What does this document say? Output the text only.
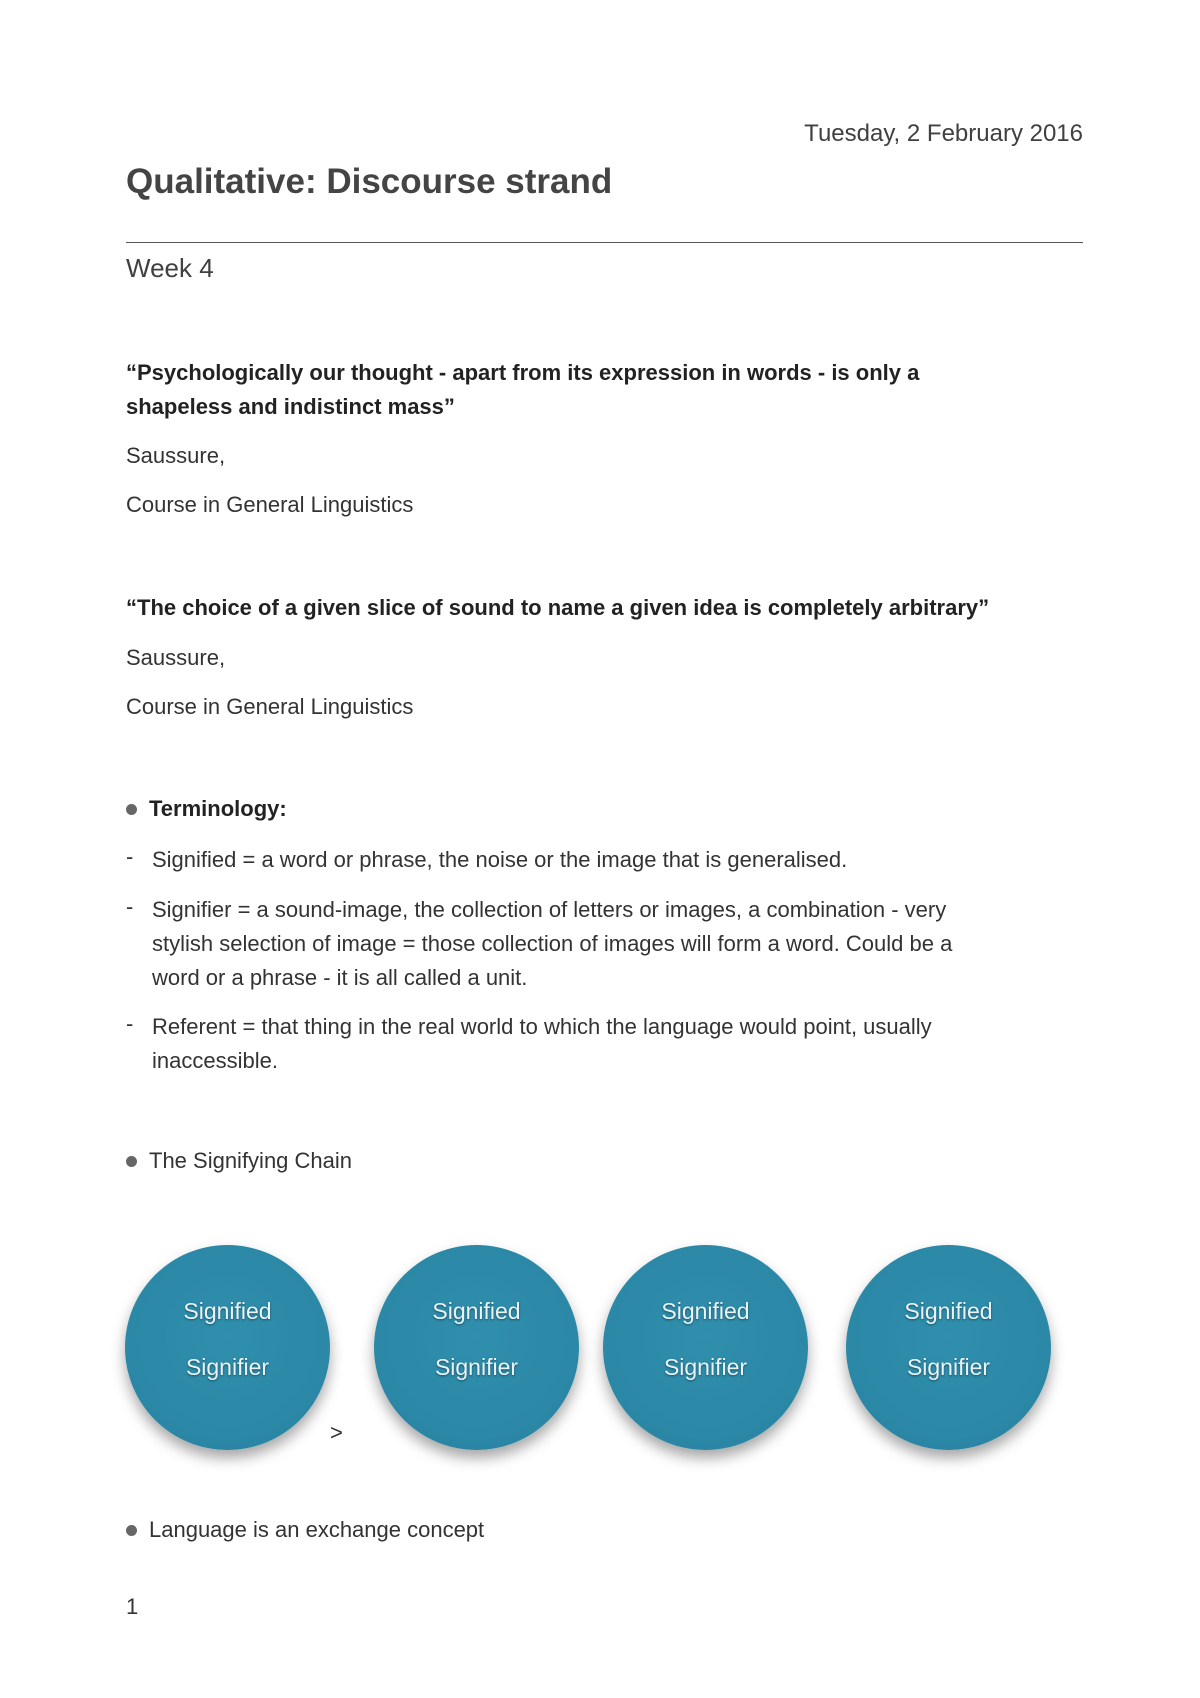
Tuesday, 2 February 2016
Qualitative: Discourse strand
Week 4
“Psychologically our thought - apart from its expression in words - is only a
shapeless and indistinct mass”
Saussure,
Course in General Linguistics
“The choice of a given slice of sound to name a given idea is completely arbitrary”
Saussure,
Course in General Linguistics
Terminology:
- Signified = a word or phrase, the noise or the image that is generalised.
- Signifier = a sound-image, the collection of letters or images, a combination - very
stylish selection of image = those collection of images will form a word. Could be a
word or a phrase - it is all called a unit.
- Referent = that thing in the real world to which the language would point, usually
inaccessible.
The Signifying Chain
Signified
Signifier
Signified
Signifier
Signified
Signifier
Signified
Signifier
>
Language is an exchange concept
1
